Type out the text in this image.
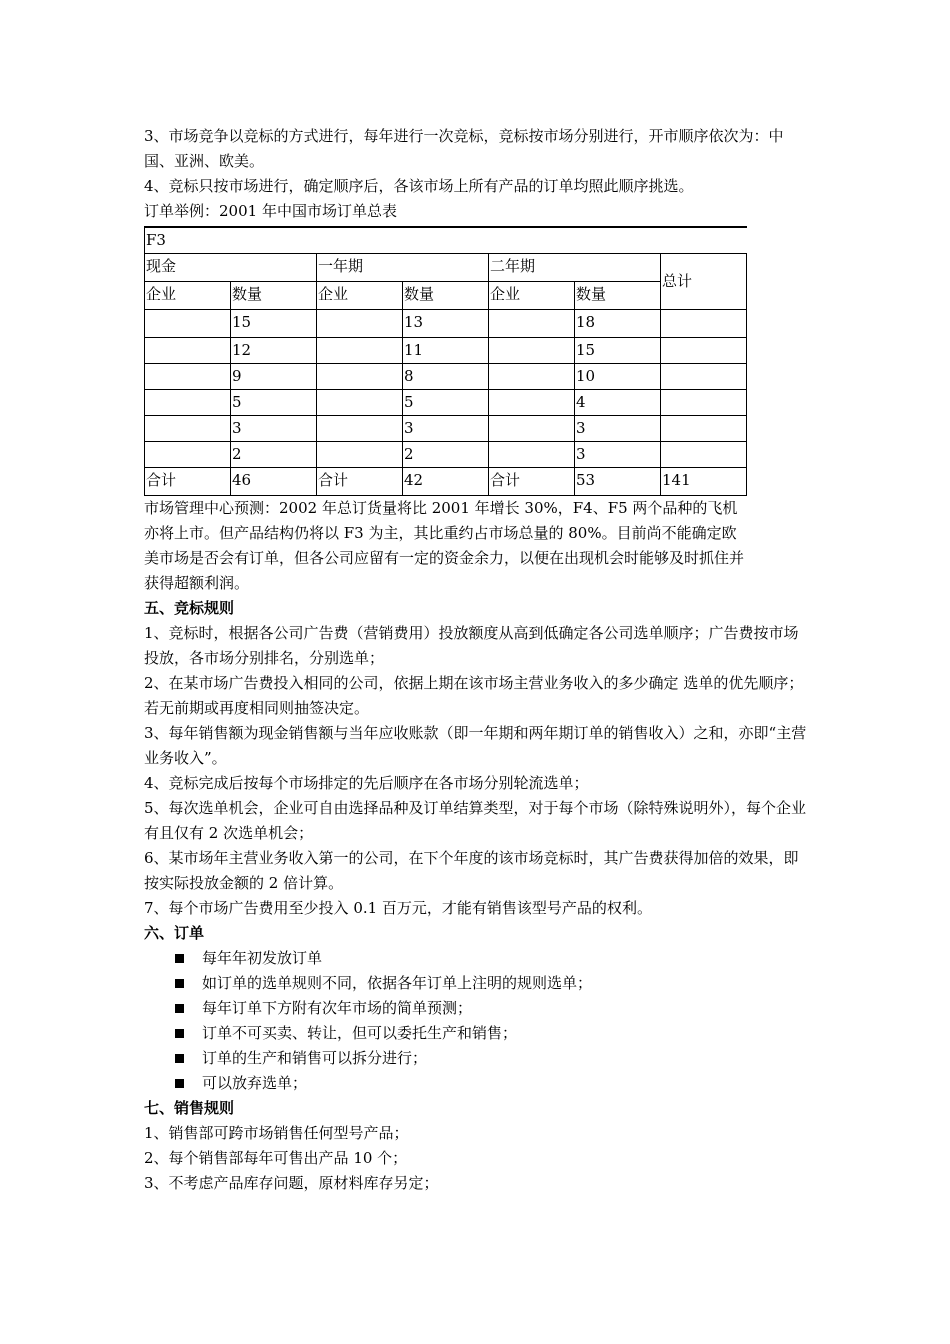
3、市场竞争以竞标的方式进行，每年进行一次竞标，竞标按市场分别进行，开市顺序依次为：中国、亚洲、欧美。

4、竞标只按市场进行，确定顺序后，各该市场上所有产品的订单均照此顺序挑选。

订单举例：2001 年中国市场订单总表

F3						
现金		一年期		二年期		总计
企业	数量	企业	数量	企业	数量	
	15		13		18	
	12		11		15	
	9		8		10	
	5		5		4	
	3		3		3	
	2		2		3	
合计	46	合计	42	合计	53	141

市场管理中心预测：2002 年总订货量将比 2001 年增长 30%，F4、F5 两个品种的飞机亦将上市。但产品结构仍将以 F3 为主，其比重约占市场总量的 80%。目前尚不能确定欧美市场是否会有订单，但各公司应留有一定的资金余力，以便在出现机会时能够及时抓住并获得超额利润。

五、竞标规则

1、竞标时，根据各公司广告费（营销费用）投放额度从高到低确定各公司选单顺序；广告费按市场投放，各市场分别排名，分别选单；

2、在某市场广告费投入相同的公司，依据上期在该市场主营业务收入的多少确定 选单的优先顺序；若无前期或再度相同则抽签决定。

3、每年销售额为现金销售额与当年应收账款（即一年期和两年期订单的销售收入）之和，亦即“主营业务收入”。

4、竞标完成后按每个市场排定的先后顺序在各市场分别轮流选单；

5、每次选单机会，企业可自由选择品种及订单结算类型，对于每个市场（除特殊说明外），每个企业有且仅有 2 次选单机会；

6、某市场年主营业务收入第一的公司，在下个年度的该市场竞标时，其广告费获得加倍的效果，即按实际投放金额的 2 倍计算。

7、每个市场广告费用至少投入 0.1 百万元，才能有销售该型号产品的权利。

六、订单

每年年初发放订单
如订单的选单规则不同，依据各年订单上注明的规则选单；
每年订单下方附有次年市场的简单预测；
订单不可买卖、转让，但可以委托生产和销售；
订单的生产和销售可以拆分进行；
可以放弃选单；

七、销售规则

1、销售部可跨市场销售任何型号产品；

2、每个销售部每年可售出产品 10 个；

3、不考虑产品库存问题，原材料库存另定；
